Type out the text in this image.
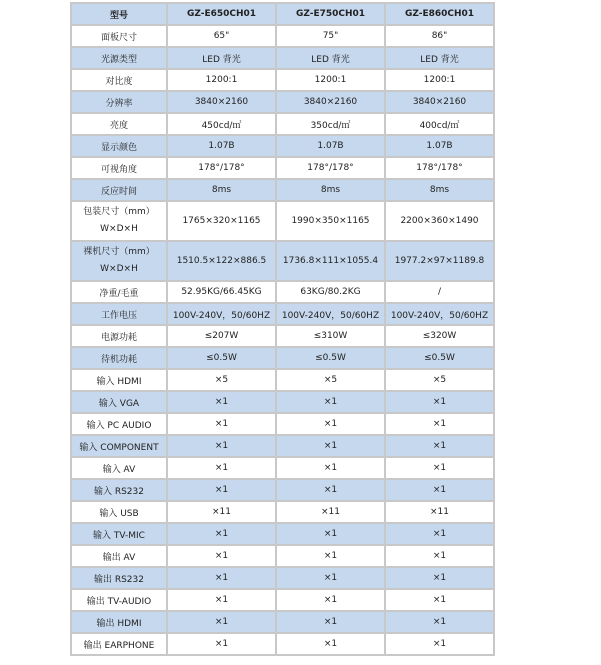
型号	GZ-E650CH01	GZ-E750CH01	GZ-E860CH01
面板尺寸	65"	75"	86"
光源类型	LED 背光	LED 背光	LED 背光
对比度	1200:1	1200:1	1200:1
分辨率	3840×2160	3840×2160	3840×2160
亮度	450cd/㎡	350cd/㎡	400cd/㎡
显示颜色	1.07B	1.07B	1.07B
可视角度	178°/178°	178°/178°	178°/178°
反应时间	8ms	8ms	8ms

包装尺寸（mm）
W×D×H	1765×320×1165	1990×350×1165	2200×360×1490

裸机尺寸（mm）
W×D×H	1510.5×122×886.5	1736.8×111×1055.4	1977.2×97×1189.8
净重/毛重	52.95KG/66.45KG	63KG/80.2KG	/
工作电压	100V-240V，50/60HZ	100V-240V，50/60HZ	100V-240V，50/60HZ
电源功耗	≤207W	≤310W	≤320W
待机功耗	≤0.5W	≤0.5W	≤0.5W
输入 HDMI	×5	×5	×5
输入 VGA	×1	×1	×1
输入 PC AUDIO	×1	×1	×1
输入 COMPONENT	×1	×1	×1
输入 AV	×1	×1	×1
输入 RS232	×1	×1	×1
输入 USB	×11	×11	×11
输入 TV-MIC	×1	×1	×1
输出 AV	×1	×1	×1
输出 RS232	×1	×1	×1
输出 TV-AUDIO	×1	×1	×1
输出 HDMI	×1	×1	×1
输出 EARPHONE	×1	×1	×1
